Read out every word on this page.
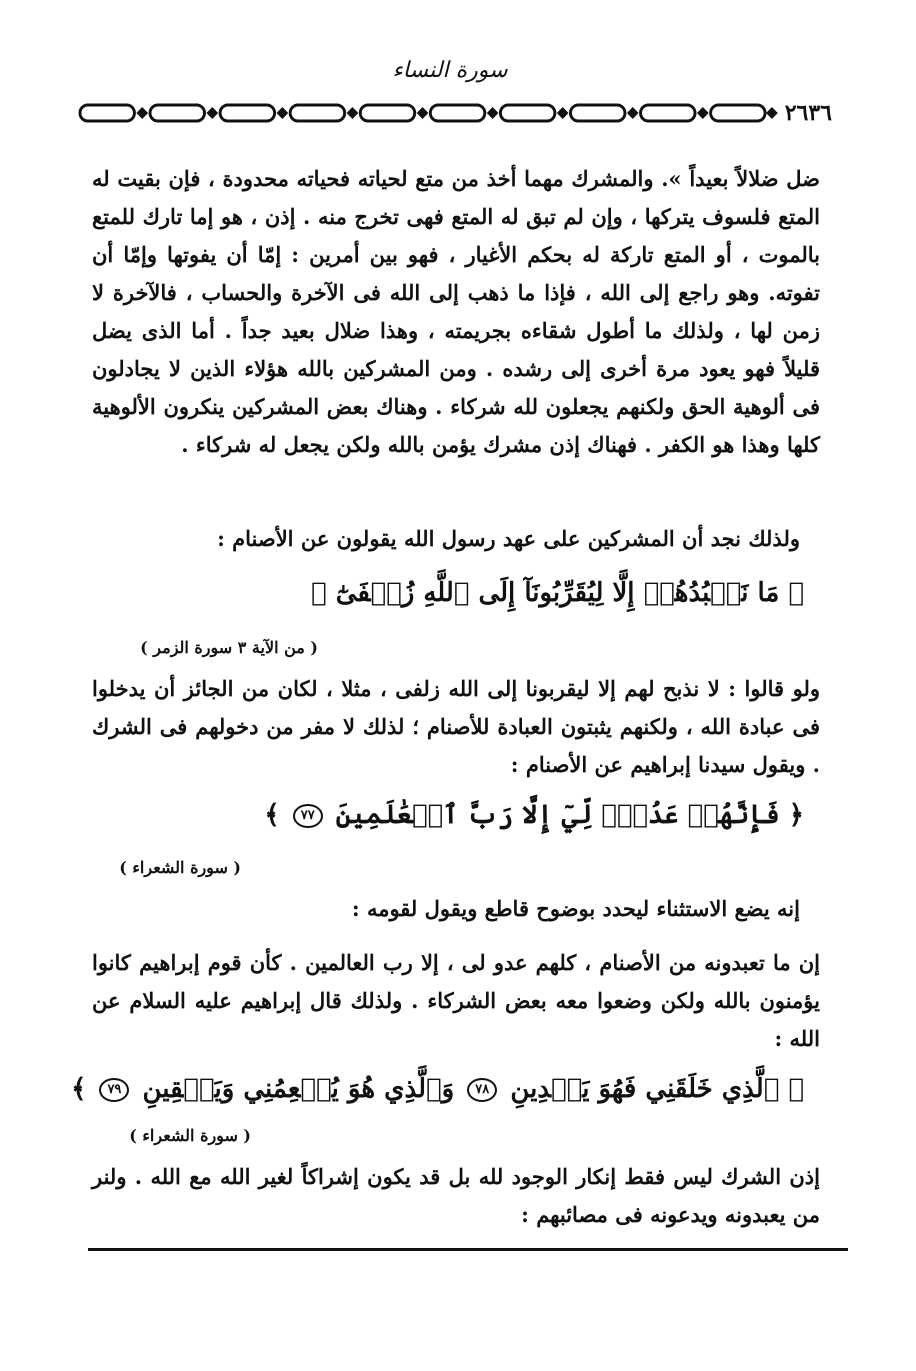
سورة النساء
٢٦٣٦
ضل ضلالاً بعيداً ». والمشرك مهما أخذ من متع لحياته فحياته محدودة ، فإن بقيت له المتع فلسوف يتركها ، وإن لم تبق له المتع فهى تخرج منه . إذن ، هو إما تارك للمتع بالموت ، أو المتع تاركة له بحكم الأغيار ، فهو بين أمرين : إمّا أن يفوتها وإمّا أن تفوته. وهو راجع إلى الله ، فإذا ما ذهب إلى الله فى الآخرة والحساب ، فالآخرة لا زمن لها ، ولذلك ما أطول شقاءه بجريمته ، وهذا ضلال بعيد جداً . أما الذى يضل قليلاً فهو يعود مرة أخرى إلى رشده . ومن المشركين بالله هؤلاء الذين لا يجادلون فى ألوهية الحق ولكنهم يجعلون لله شركاء . وهناك بعض المشركين ينكرون الألوهية كلها وهذا هو الكفر . فهناك إذن مشرك يؤمن بالله ولكن يجعل له شركاء .
ولذلك نجد أن المشركين على عهد رسول الله يقولون عن الأصنام :
﴿ مَا نَعۡبُدُهُمۡ إِلَّا لِيُقَرِّبُونَآ إِلَى ٱللَّهِ زُلۡفَىٰٓ ﴾
( من الآية ٣ سورة الزمر )
ولو قالوا : لا نذبح لهم إلا ليقربونا إلى الله زلفى ، مثلا ، لكان من الجائز أن يدخلوا فى عبادة الله ، ولكنهم يثبتون العبادة للأصنام ؛ لذلك لا مفر من دخولهم فى الشرك . ويقول سيدنا إبراهيم عن الأصنام :
﴿ فَإِنَّهُمۡ عَدُوّٞ لِّيٓ إِلَّا رَبَّ ٱلۡعَٰلَمِينَ ٧٧ ﴾
( سورة الشعراء )
إنه يضع الاستثناء ليحدد بوضوح قاطع ويقول لقومه :
إن ما تعبدونه من الأصنام ، كلهم عدو لى ، إلا رب العالمين . كأن قوم إبراهيم كانوا يؤمنون بالله ولكن وضعوا معه بعض الشركاء . ولذلك قال إبراهيم عليه السلام عن الله :
﴿ ٱلَّذِي خَلَقَنِي فَهُوَ يَهۡدِينِ ٧٨ وَٱلَّذِي هُوَ يُطۡعِمُنِي وَيَسۡقِينِ ٧٩ ﴾
( سورة الشعراء )
إذن الشرك ليس فقط إنكار الوجود لله بل قد يكون إشراكاً لغير الله مع الله . ولنر من يعبدونه ويدعونه فى مصائبهم :
